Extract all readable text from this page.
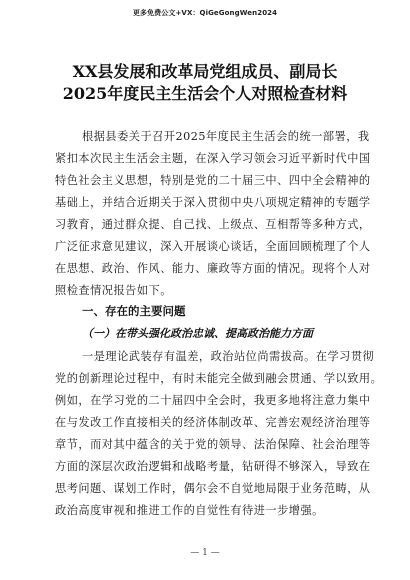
更多免费公文+VX：QiGeGongWen2024
XX县发展和改革局党组成员、副局长
2025年度民主生活会个人对照检查材料
根据县委关于召开2025年度民主生活会的统一部署，我
紧扣本次民主生活会主题，在深入学习领会习近平新时代中国
特色社会主义思想，特别是党的二十届三中、四中全会精神的
基础上，并结合近期关于深入贯彻中央八项规定精神的专题学
习教育，通过群众提、自己找、上级点、互相帮等多种方式，
广泛征求意见建议，深入开展谈心谈话，全面回顾梳理了个人
在思想、政治、作风、能力、廉政等方面的情况。现将个人对
照检查情况报告如下。
一、存在的主要问题
（一）在带头强化政治忠诚、提高政治能力方面
一是理论武装存有温差，政治站位尚需拔高。在学习贯彻
党的创新理论过程中，有时未能完全做到融会贯通、学以致用。
例如，在学习党的二十届四中全会时，我更多地将注意力集中
在与发改工作直接相关的经济体制改革、完善宏观经济治理等
章节，而对其中蕴含的关于党的领导、法治保障、社会治理等
方面的深层次政治逻辑和战略考量，钻研得不够深入，导致在
思考问题、谋划工作时，偶尔会不自觉地局限于业务范畴，从
政治高度审视和推进工作的自觉性有待进一步增强。
— 1 —
